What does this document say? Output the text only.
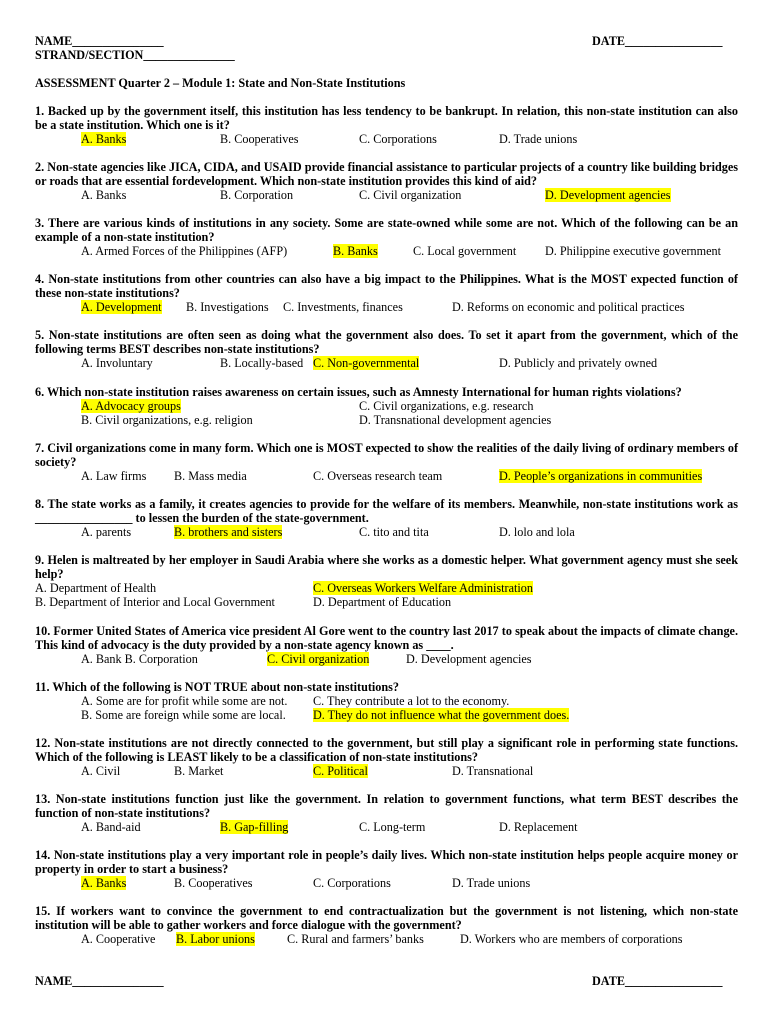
NAME_______________	DATE________________
STRAND/SECTION_______________
ASSESSMENT Quarter 2 – Module 1: State and Non-State Institutions
1. Backed up by the government itself, this institution has less tendency to be bankrupt. In relation, this non-state institution can also be a state institution. Which one is it?
A. Banks	B. Cooperatives	C. Corporations	D. Trade unions
2. Non-state agencies like JICA, CIDA, and USAID provide financial assistance to particular projects of a country like building bridges or roads that are essential fordevelopment. Which non-state institution provides this kind of aid?
A. Banks	B. Corporation	C. Civil organization	D. Development agencies
3. There are various kinds of institutions in any society. Some are state-owned while some are not. Which of the following can be an example of a non-state institution?
A. Armed Forces of the Philippines (AFP)	B. Banks	C. Local government D. Philippine executive government
4. Non-state institutions from other countries can also have a big impact to the Philippines. What is the MOST expected function of these non-state institutions?
A. Development B. Investigations C. Investments, finances	D. Reforms on economic and political practices
5. Non-state institutions are often seen as doing what the government also does. To set it apart from the government, which of the following terms BEST describes non-state institutions?
A. Involuntary	B. Locally-based C. Non-governmental	D. Publicly and privately owned
6. Which non-state institution raises awareness on certain issues, such as Amnesty International for human rights violations?
A. Advocacy groups	C. Civil organizations, e.g. research
B. Civil organizations, e.g. religion	D. Transnational development agencies
7. Civil organizations come in many form. Which one is MOST expected to show the realities of the daily living of ordinary members of society?
A. Law firms B. Mass media	C. Overseas research team	D. People’s organizations in communities
8. The state works as a family, it creates agencies to provide for the welfare of its members. Meanwhile, non-state institutions work as ________________ to lessen the burden of the state-government.
A. parents	B. brothers and sisters	C. tito and tita	D. lolo and lola
9. Helen is maltreated by her employer in Saudi Arabia where she works as a domestic helper. What government agency must she seek help?
A. Department of Health	C. Overseas Workers Welfare Administration
B. Department of Interior and Local Government	D. Department of Education
10. Former United States of America vice president Al Gore went to the country last 2017 to speak about the impacts of climate change. This kind of advocacy is the duty provided by a non-state agency known as ____.
A. Bank B. Corporation	C. Civil organization	D. Development agencies
11. Which of the following is NOT TRUE about non-state institutions?
A. Some are for profit while some are not. C. They contribute a lot to the economy.
B. Some are foreign while some are local. D. They do not influence what the government does.
12. Non-state institutions are not directly connected to the government, but still play a significant role in performing state functions. Which of the following is LEAST likely to be a classification of non-state institutions?
A. Civil	B. Market	C. Political	D. Transnational
13. Non-state institutions function just like the government. In relation to government functions, what term BEST describes the function of non-state institutions?
A. Band-aid	B. Gap-filling	C. Long-term	D. Replacement
14. Non-state institutions play a very important role in people’s daily lives. Which non-state institution helps people acquire money or property in order to start a business?
A. Banks	B. Cooperatives	C. Corporations	D. Trade unions
15. If workers want to convince the government to end contractualization but the government is not listening, which non-state institution will be able to gather workers and force dialogue with the government?
A. Cooperative B. Labor unions	C. Rural and farmers’ banks	D. Workers who are members of corporations
NAME_______________	DATE________________
